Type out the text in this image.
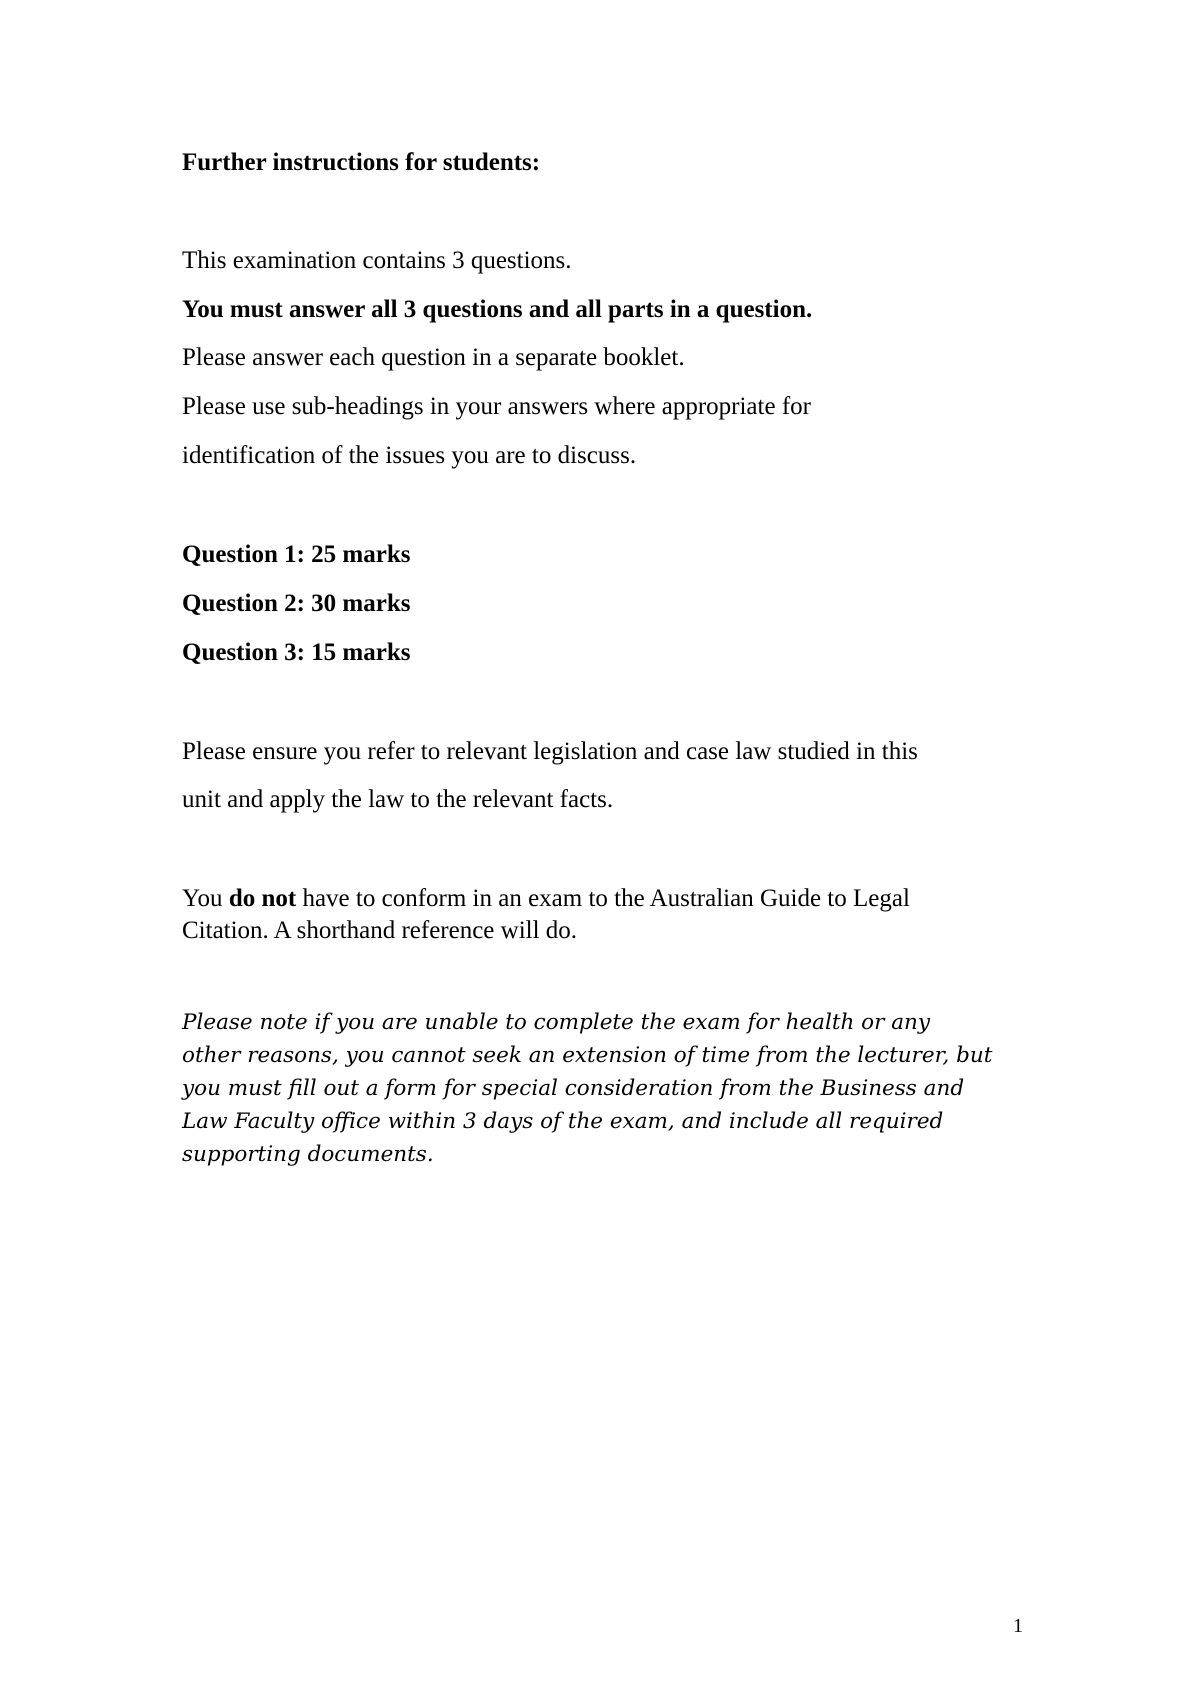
Further instructions for students:
This examination contains 3 questions.
You must answer all 3 questions and all parts in a question.
Please answer each question in a separate booklet.
Please use sub-headings in your answers where appropriate for
identification of the issues you are to discuss.
Question 1: 25 marks
Question 2: 30 marks
Question 3: 15 marks
Please ensure you refer to relevant legislation and case law studied in this
unit and apply the law to the relevant facts.
You do not have to conform in an exam to the Australian Guide to Legal
Citation. A shorthand reference will do.
Please note if you are unable to complete the exam for health or any
other reasons, you cannot seek an extension of time from the lecturer, but
you must fill out a form for special consideration from the Business and
Law Faculty office within 3 days of the exam, and include all required
supporting documents.
1
